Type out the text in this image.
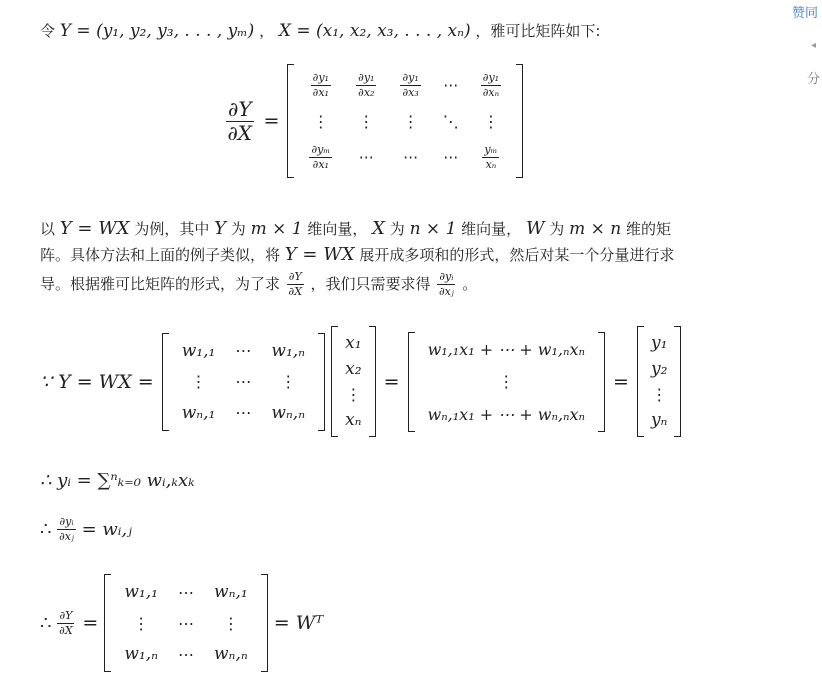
赞同
◂
分
令 Y = (y₁, y₂, y₃, . . . , yₘ) ， X = (x₁, x₂, x₃, . . . , xₙ) ，雅可比矩阵如下:
$\frac{\partial Y}{\partial X}$ =
$\frac{\text{∂y₁}}{\text{∂x₁}}$	$\frac{\text{∂y₁}}{\text{∂x₂}}$	$\frac{\text{∂y₁}}{\text{∂x₃}}$	⋯	$\frac{\text{∂y₁}}{\text{∂xₙ}}$

⋮	⋮	⋮	⋱	⋮

$\frac{\text{∂yₘ}}{\text{∂x₁}}$	⋯	⋯	⋯	$\frac{\text{yₘ}}{\text{xₙ}}$
以 Y = WX 为例，其中 Y 为 m × 1 维向量， X 为 n × 1 维向量， W 为 m × n 维的矩
阵。具体方法和上面的例子类似，将 Y = WX 展开成多项和的形式，然后对某一个分量进行求
导。根据雅可比矩阵的形式，为了求 $\frac{\partial Y}{\partial X}$ ，我们只需要求得 $\frac{\text{∂yᵢ}}{\text{∂xⱼ}}$ 。
∵ Y = WX =
w₁,₁	⋯	w₁,ₙ
⋮	⋯	⋮
wₙ,₁	⋯	wₙ,ₙ
x₁
x₂
⋮
xₙ
=
w₁,₁x₁ + ⋯ + w₁,ₙxₙ
⋮
wₙ,₁x₁ + ⋯ + wₙ,ₙxₙ
=
y₁
y₂
⋮
yₙ
∴ yᵢ = ∑ⁿₖ₌₀ wᵢ,ₖxₖ
∴ $\frac{\text{∂yᵢ}}{\text{∂xⱼ}}$ = wᵢ,ⱼ
∴ $\frac{\partial Y}{\partial X}$ =
w₁,₁	⋯	wₙ,₁
⋮	⋯	⋮
w₁,ₙ	⋯	wₙ,ₙ
= Wᵀ
